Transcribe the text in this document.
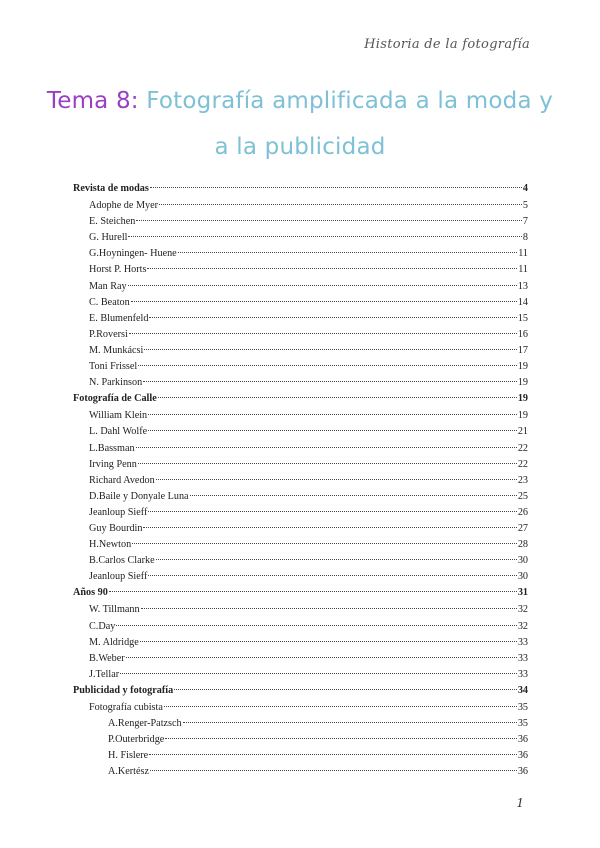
Historia de la fotografía
Tema 8: Fotografía amplificada a la moda y
a la publicidad
Revista de modas	4
Adophe de Myer	5
E. Steichen	7
G. Hurell	8
G.Hoyningen- Huene	11
Horst P. Horts	11
Man Ray	13
C. Beaton	14
E. Blumenfeld	15
P.Roversi	16
M. Munkácsi	17
Toni Frissel	19
N. Parkinson	19
Fotografía de Calle	19
William Klein	19
L. Dahl Wolfe	21
L.Bassman	22
Irving Penn	22
Richard Avedon	23
D.Baile y Donyale Luna	25
Jeanloup Sieff	26
Guy Bourdin	27
H.Newton	28
B.Carlos Clarke	30
Jeanloup Sieff	30
Años 90	31
W. Tillmann	32
C.Day	32
M. Aldridge	33
B.Weber	33
J.Tellar	33
Publicidad y fotografía	34
Fotografía cubista	35
A.Renger-Patzsch	35
P.Outerbridge	36
H. Fislere	36
A.Kertész	36
1
